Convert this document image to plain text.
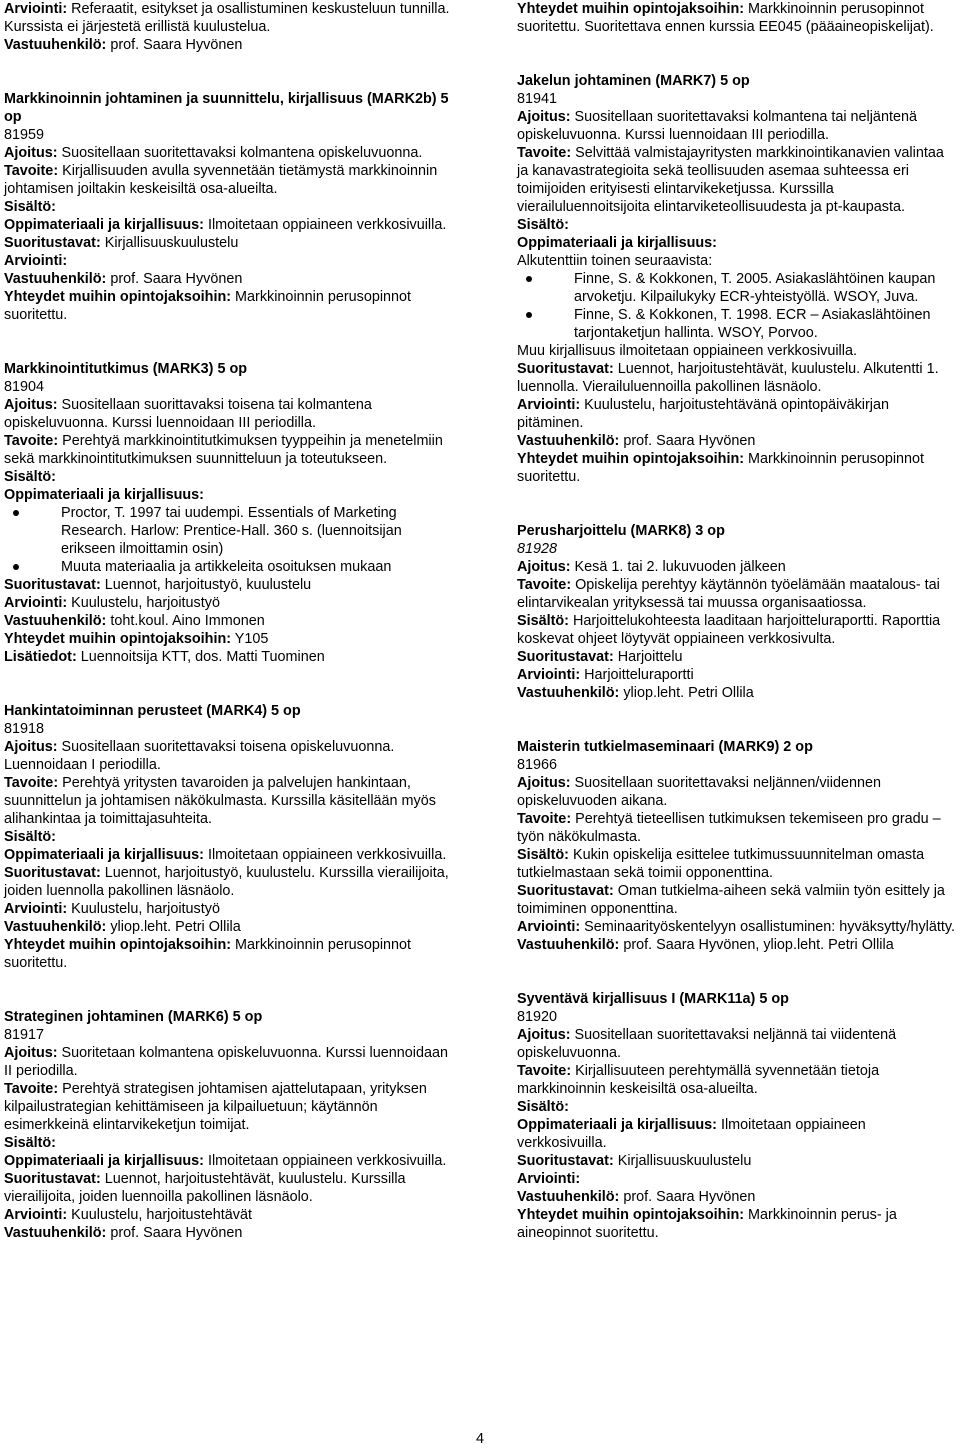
Arviointi: Referaatit, esitykset ja osallistuminen keskusteluun tunnilla. Kurssista ei järjestetä erillistä kuulustelua.
Vastuuhenkilö: prof. Saara Hyvönen
Markkinoinnin johtaminen ja suunnittelu, kirjallisuus (MARK2b) 5 op
81959
Ajoitus: Suositellaan suoritettavaksi kolmantena opiskeluvuonna.
Tavoite: Kirjallisuuden avulla syvennetään tietämystä markkinoinnin johtamisen joiltakin keskeisiltä osa-alueilta.
Sisältö:
Oppimateriaali ja kirjallisuus: Ilmoitetaan oppiaineen verkkosivuilla.
Suoritustavat: Kirjallisuuskuulustelu
Arviointi:
Vastuuhenkilö: prof. Saara Hyvönen
Yhteydet muihin opintojaksoihin: Markkinoinnin perusopinnot suoritettu.
Markkinointitutkimus (MARK3) 5 op
81904
Ajoitus: Suositellaan suorittavaksi toisena tai kolmantena opiskeluvuonna. Kurssi luennoidaan III periodilla.
Tavoite: Perehtyä markkinointitutkimuksen tyyppeihin ja menetelmiin sekä markkinointitutkimuksen suunnitteluun ja toteutukseen.
Sisältö:
Oppimateriaali ja kirjallisuus:
Proctor, T. 1997 tai uudempi. Essentials of Marketing Research. Harlow: Prentice-Hall. 360 s. (luennoitsijan erikseen ilmoittamin osin)
Muuta materiaalia ja artikkeleita osoituksen mukaan
Suoritustavat: Luennot, harjoitustyö, kuulustelu
Arviointi: Kuulustelu, harjoitustyö
Vastuuhenkilö: toht.koul. Aino Immonen
Yhteydet muihin opintojaksoihin: Y105
Lisätiedot: Luennoitsija KTT, dos. Matti Tuominen
Hankintatoiminnan perusteet (MARK4) 5 op
81918
Ajoitus: Suositellaan suoritettavaksi toisena opiskeluvuonna. Luennoidaan I periodilla.
Tavoite: Perehtyä yritysten tavaroiden ja palvelujen hankintaan, suunnittelun ja johtamisen näkökulmasta. Kurssilla käsitellään myös alihankintaa ja toimittajasuhteita.
Sisältö:
Oppimateriaali ja kirjallisuus: Ilmoitetaan oppiaineen verkkosivuilla.
Suoritustavat: Luennot, harjoitustyö, kuulustelu. Kurssilla vierailijoita, joiden luennolla pakollinen läsnäolo.
Arviointi: Kuulustelu, harjoitustyö
Vastuuhenkilö: yliop.leht. Petri Ollila
Yhteydet muihin opintojaksoihin: Markkinoinnin perusopinnot suoritettu.
Strateginen johtaminen (MARK6) 5 op
81917
Ajoitus: Suoritetaan kolmantena opiskeluvuonna. Kurssi luennoidaan II periodilla.
Tavoite: Perehtyä strategisen johtamisen ajattelutapaan, yrityksen kilpailustrategian kehittämiseen ja kilpailuetuun; käytännön esimerkkeinä elintarvikeketjun toimijat.
Sisältö:
Oppimateriaali ja kirjallisuus: Ilmoitetaan oppiaineen verkkosivuilla.
Suoritustavat: Luennot, harjoitustehtävät, kuulustelu. Kurssilla vierailijoita, joiden luennoilla pakollinen läsnäolo.
Arviointi: Kuulustelu, harjoitustehtävät
Vastuuhenkilö: prof. Saara Hyvönen
Yhteydet muihin opintojaksoihin: Markkinoinnin perusopinnot suoritettu. Suoritettava ennen kurssia EE045 (pääaineopiskelijat).
Jakelun johtaminen (MARK7) 5 op
81941
Ajoitus: Suositellaan suoritettavaksi kolmantena tai neljäntenä opiskeluvuonna. Kurssi luennoidaan III periodilla.
Tavoite: Selvittää valmistajayritysten markkinointikanavien valintaa ja kanavastrategioita sekä teollisuuden asemaa suhteessa eri toimijoiden erityisesti elintarvikeketjussa. Kurssilla vierailuluennoitsijoita elintarviketeollisuudesta ja pt-kaupasta.
Sisältö:
Oppimateriaali ja kirjallisuus:
Alkutenttiin toinen seuraavista:
Finne, S. & Kokkonen, T. 2005. Asiakaslähtöinen kaupan arvoketju. Kilpailukyky ECR-yhteistyöllä. WSOY, Juva.
Finne, S. & Kokkonen, T. 1998. ECR – Asiakaslähtöinen tarjontaketjun hallinta. WSOY, Porvoo.
Muu kirjallisuus ilmoitetaan oppiaineen verkkosivuilla.
Suoritustavat: Luennot, harjoitustehtävät, kuulustelu. Alkutentti 1. luennolla. Vierailuluennoilla pakollinen läsnäolo.
Arviointi: Kuulustelu, harjoitustehtävänä opintopäiväkirjan pitäminen.
Vastuuhenkilö: prof. Saara Hyvönen
Yhteydet muihin opintojaksoihin: Markkinoinnin perusopinnot suoritettu.
Perusharjoittelu (MARK8) 3 op
81928
Ajoitus: Kesä 1. tai 2. lukuvuoden jälkeen
Tavoite: Opiskelija perehtyy käytännön työelämään maatalous- tai elintarvikealan yrityksessä tai muussa organisaatiossa.
Sisältö: Harjoittelukohteesta laaditaan harjoitteluraportti. Raporttia koskevat ohjeet löytyvät oppiaineen verkkosivulta.
Suoritustavat: Harjoittelu
Arviointi: Harjoitteluraportti
Vastuuhenkilö: yliop.leht. Petri Ollila
Maisterin tutkielmaseminaari (MARK9) 2 op
81966
Ajoitus: Suositellaan suoritettavaksi neljännen/viidennen opiskeluvuoden aikana.
Tavoite: Perehtyä tieteellisen tutkimuksen tekemiseen pro gradu –työn näkökulmasta.
Sisältö: Kukin opiskelija esittelee tutkimussuunnitelman omasta tutkielmastaan sekä toimii opponenttina.
Suoritustavat: Oman tutkielma-aiheen sekä valmiin työn esittely ja toimiminen opponenttina.
Arviointi: Seminaarityöskentelyyn osallistuminen: hyväksytty/hylätty.
Vastuuhenkilö: prof. Saara Hyvönen, yliop.leht. Petri Ollila
Syventävä kirjallisuus I (MARK11a) 5 op
81920
Ajoitus: Suositellaan suoritettavaksi neljännä tai viidentenä opiskeluvuonna.
Tavoite: Kirjallisuuteen perehtymällä syvennetään tietoja markkinoinnin keskeisiltä osa-alueilta.
Sisältö:
Oppimateriaali ja kirjallisuus: Ilmoitetaan oppiaineen verkkosivuilla.
Suoritustavat: Kirjallisuuskuulustelu
Arviointi:
Vastuuhenkilö: prof. Saara Hyvönen
Yhteydet muihin opintojaksoihin: Markkinoinnin perus- ja aineopinnot suoritettu.
4
